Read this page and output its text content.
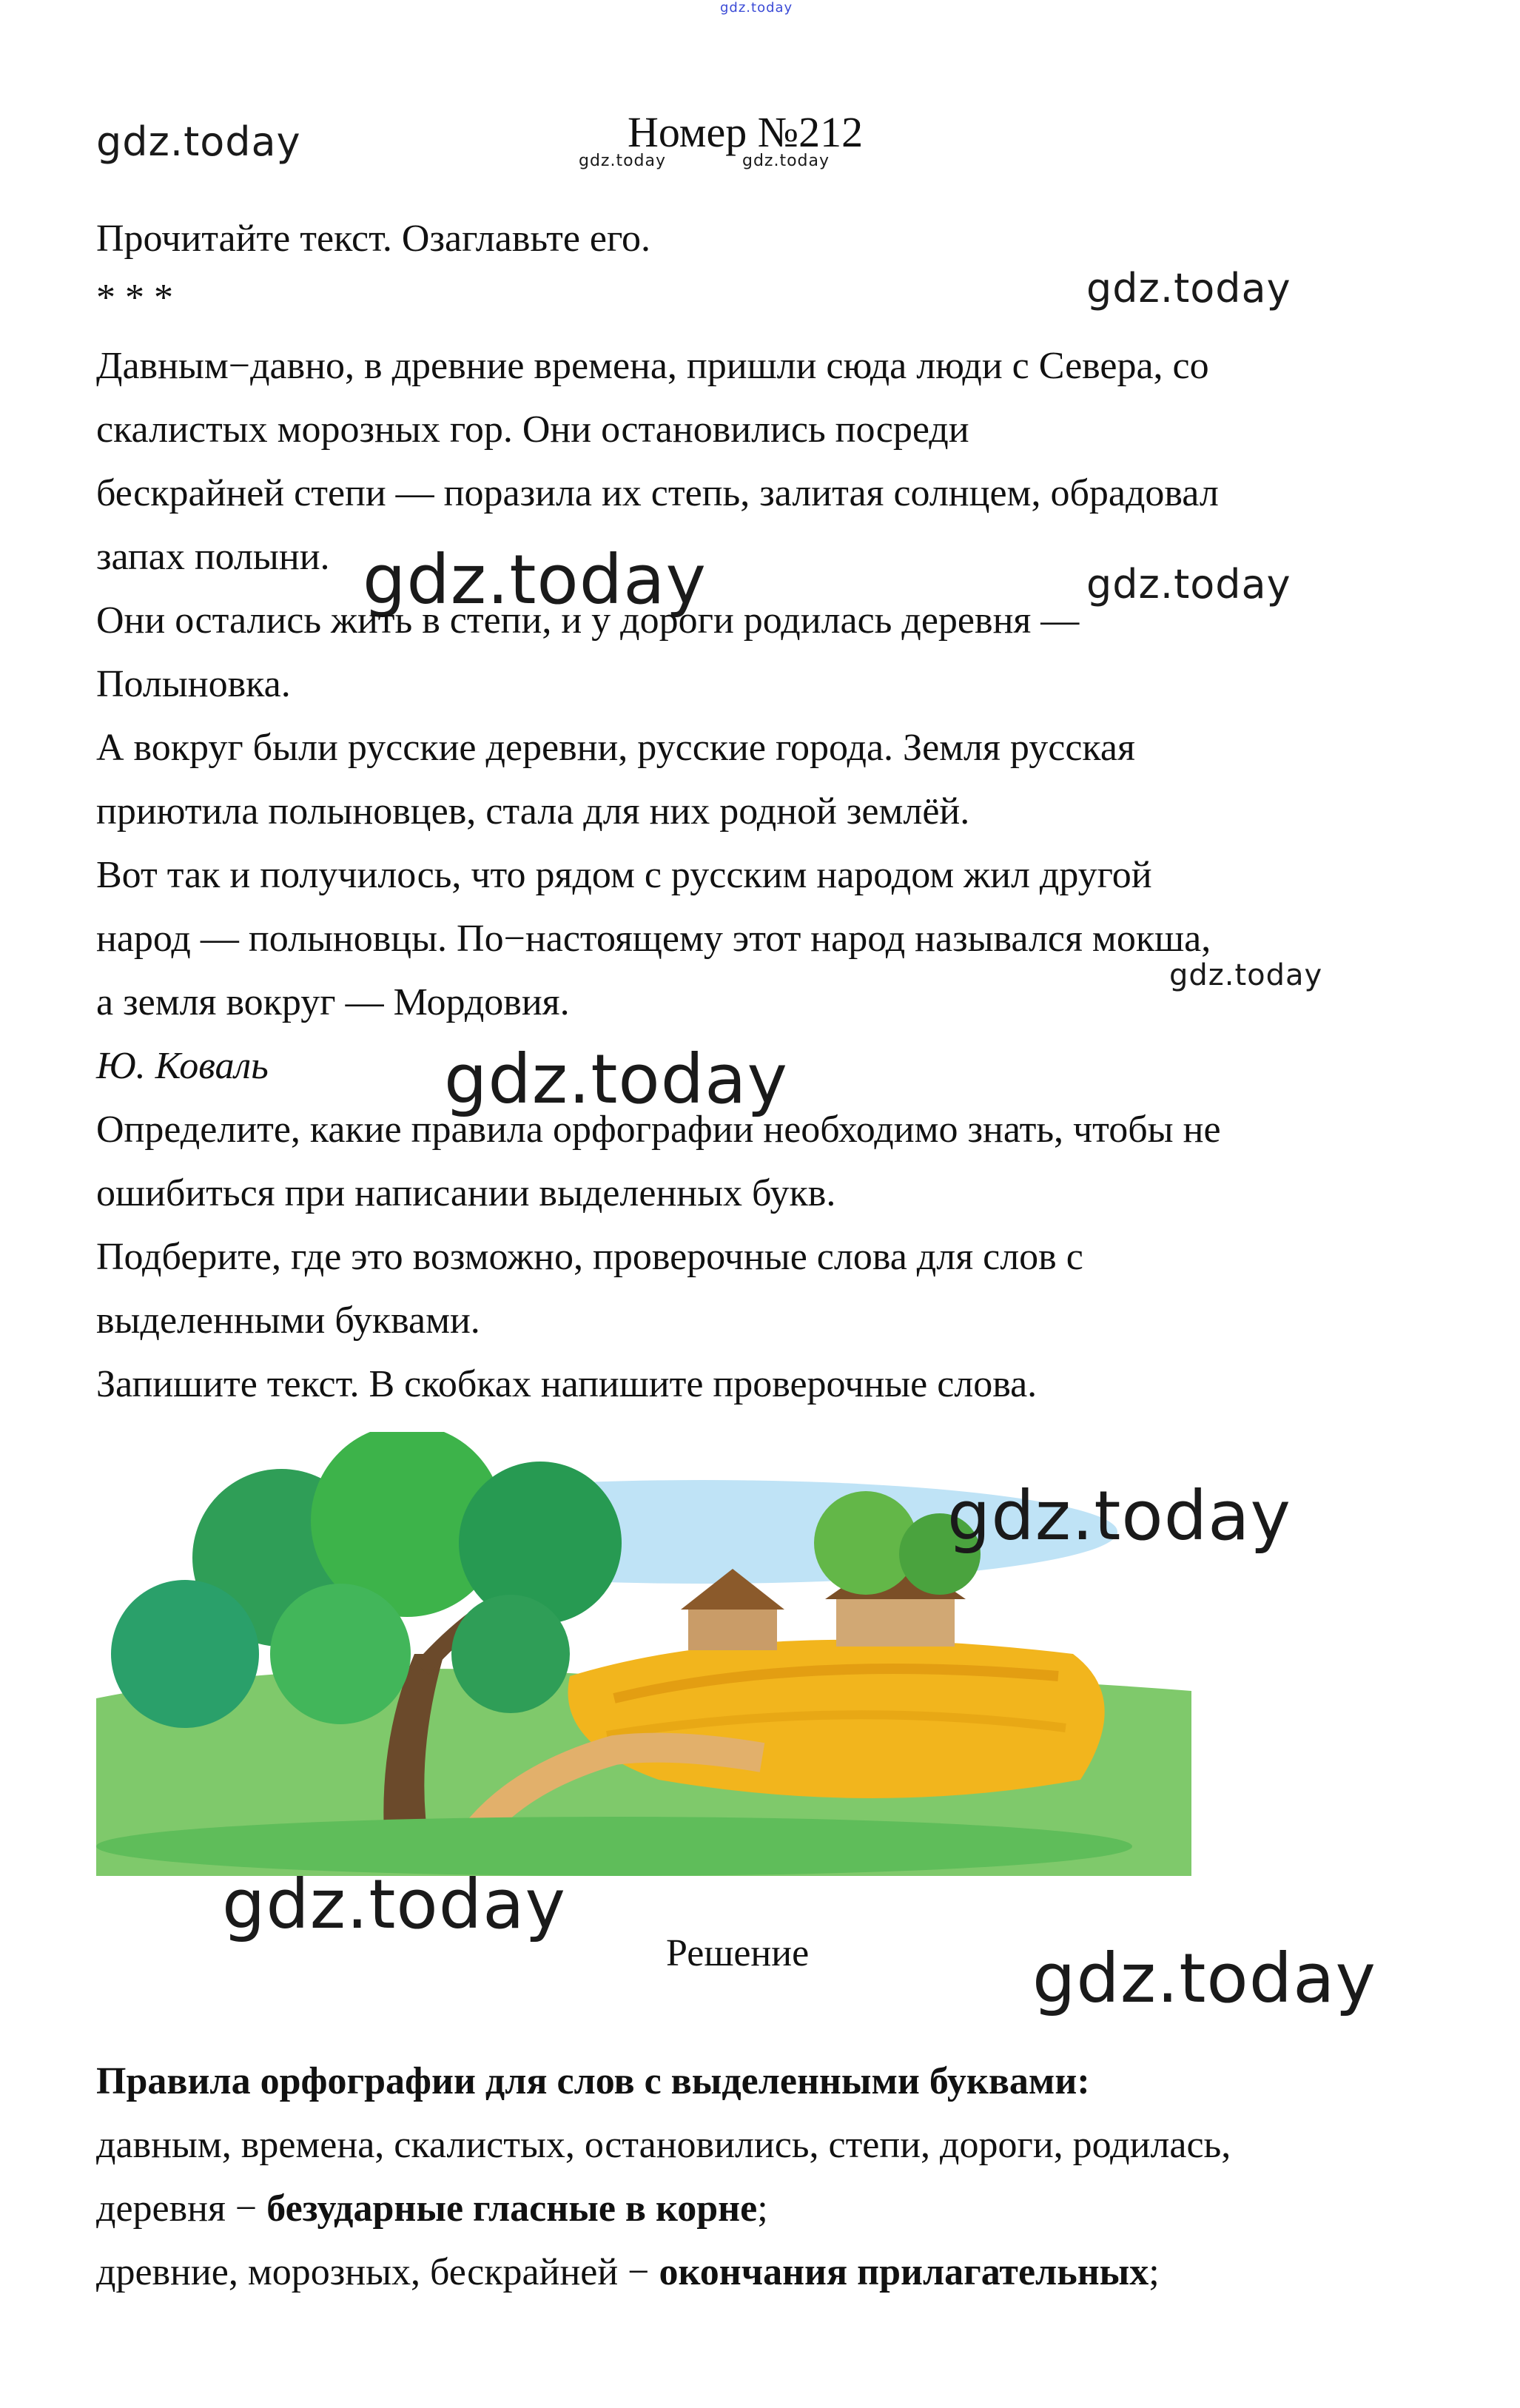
gdz.today
gdz.today	gdz.today	gdz.today
gdz.today
gdz.today	gdz.today
gdz.today
gdz.today
Номер №212
Прочитайте текст. Озаглавьте его.
* * *
Давным−давно, в древние времена, пришли сюда люди с Севера, со
скалистых морозных гор. Они остановились посреди
бескрайней степи — поразила их степь, залитая солнцем, обрадовал
запах полыни.
Они остались жить в степи, и у дороги родилась деревня —
Полыновка.
А вокруг были русские деревни, русские города. Земля русская
приютила полыновцев, стала для них родной землёй.
Вот так и получилось, что рядом с русским народом жил другой
народ — полыновцы. По−настоящему этот народ назывался мокша,
а земля вокруг — Мордовия.
Ю. Коваль
Определите, какие правила орфографии необходимо знать, чтобы не
ошибиться при написании выделенных букв.
Подберите, где это возможно, проверочные слова для слов с
выделенными буквами.
Запишите текст. В скобках напишите проверочные слова.
gdz.today
gdz.today
gdz.today
Решение
Правила орфографии для слов с выделенными буквами:
давным, времена, скалистых, остановились, степи, дороги, родилась,
деревня − безударные гласные в корне;
древние, морозных, бескрайней − окончания прилагательных;
